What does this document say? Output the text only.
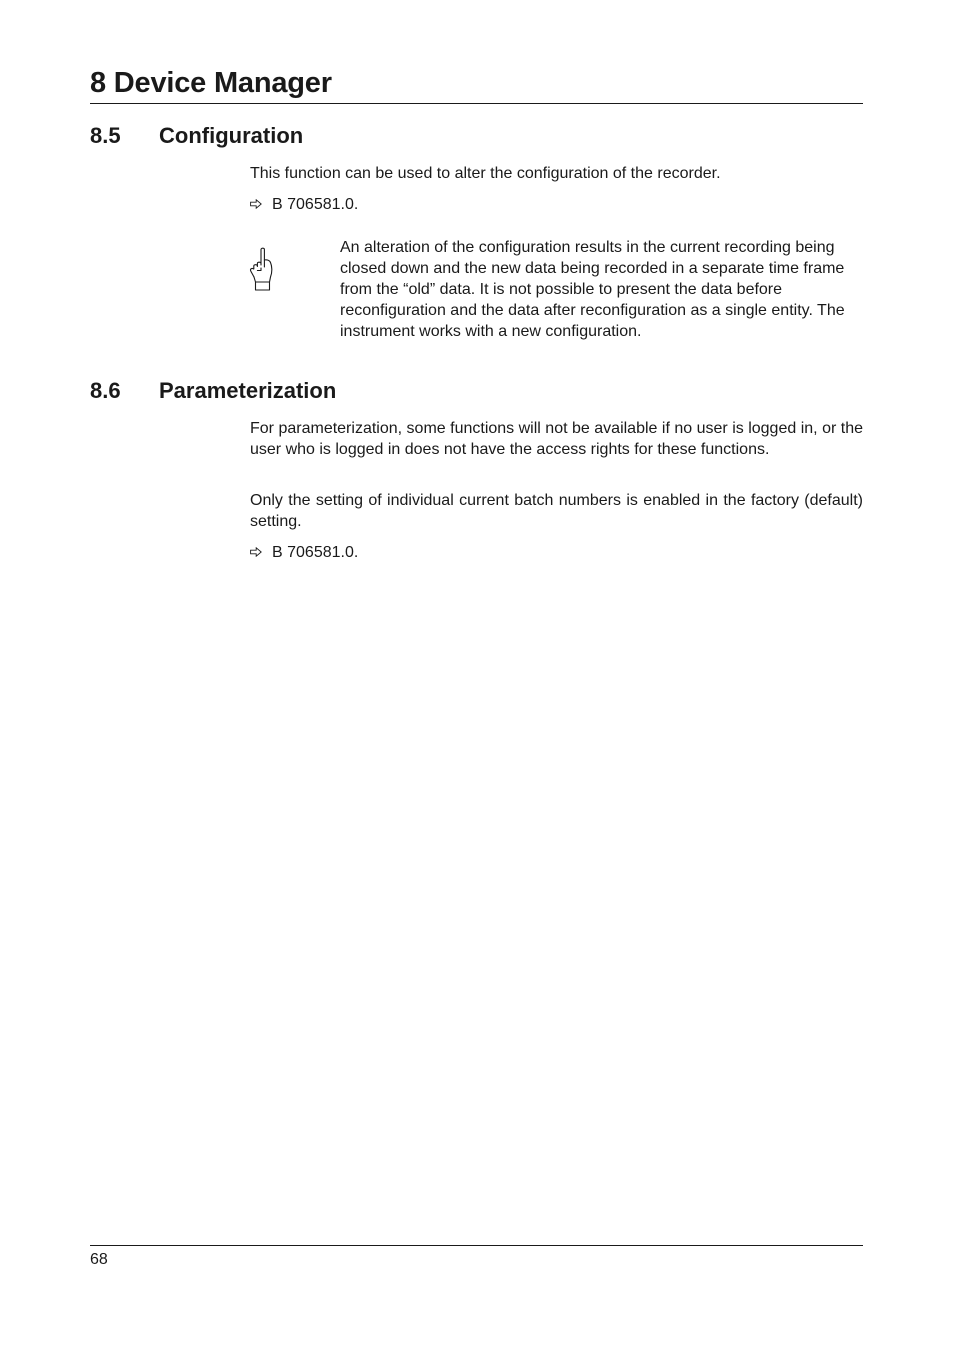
8 Device Manager
8.5 Configuration

This function can be used to alter the configuration of the recorder.

B 706581.0.

An alteration of the configuration results in the current recording being closed down and the new data being recorded in a separate time frame from the “old” data. It is not possible to present the data before reconfiguration and the data after reconfiguration as a single entity. The instrument works with a new configuration.

8.6 Parameterization

For parameterization, some functions will not be available if no user is logged in, or the user who is logged in does not have the access rights for these functions.

Only the setting of individual current batch numbers is enabled in the factory (default) setting.

B 706581.0.

68
